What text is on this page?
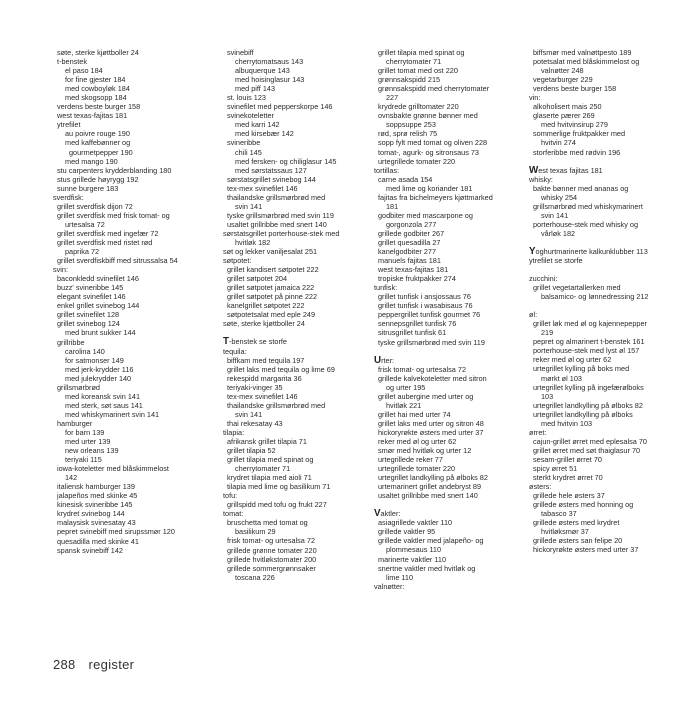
søte, sterke kjøttboller 24
t-benstek
el paso 184
for fine gjester 184
med cowboyløk 184
med skogsopp 184
verdens beste burger 158
west texas-fajitas 181
ytrefilet
au poivre rouge 190
med kaffebønner og
gourmetpepper 190
med mango 190
stu carpenters krydderblanding 180
stus grillede høyrygg 192
sunne burgere 183
sverdfisk:
grillet sverdfisk dijon 72
grillet sverdfisk med frisk tomat- og
urtesalsa 72
grillet sverdfisk med ingefær 72
grillet sverdfisk med ristet rød
paprika 72
grillet sverdfiskbiff med sitrussalsa 54
svin:
baconkledd svinefilet 146
buzz' svineribbe 145
elegant svinefilet 146
enkel grillet svinebog 144
grillet svinefilet 128
grillet svinebog 124
med brunt sukker 144
grillribbe
carolina 140
for satmonser 149
med jerk-krydder 116
med julekrydder 140
grillsmørbrød
med koreansk svin 141
med sterk, søt saus 141
med whiskymarinert svin 141
hamburger
for barn 139
med urter 139
new orleans 139
teriyaki 115
iowa-koteletter med blåskimmelost
142
italiensk hamburger 139
jalapeños med skinke 45
kinesisk svineribbe 145
krydret svinebog 144
malaysisk svinesatay 43
pepret svinebiff med sirupssmør 120
quesadilla med skinke 41
spansk svinebiff 142
svinebiff
cherrytomatsaus 143
albuquerque 143
med hoisinglasur 143
med piff 143
st. louis 123
svinefilet med pepperskorpe 146
svinekoteletter
med karri 142
med kirsebær 142
svineribbe
chili 145
med fersken- og chiliglasur 145
med sørstatssaus 127
sørstatsgrillet svinebog 144
tex-mex svinefilet 146
thailandske grillsmørbrød med
svin 141
tyske grillsmørbrød med svin 119
usaltet grillribbe med snert 140
sørstatsgrillet porterhouse-stek med
hvitløk 182
søt og lekker vaniljesalat 251
søtpotet:
grillet kandisert søtpotet 222
grillet søtpotet 204
grillet søtpotet jamaica 222
grillet søtpotet på pinne 222
kanelgrillet søtpotet 222
søtpotetsalat med eple 249
søte, sterke kjøttboller 24
T-benstek se storfe
tequila:
biffkam med tequila 197
grillet laks med tequila og lime 69
rekespidd margarita 36
teriyaki-vinger 35
tex-mex svinefilet 146
thailandske grillsmørbrød med
svin 141
thai rekesatay 43
tilapia:
afrikansk grillet tilapia 71
grillet tilapia 52
grillet tilapia med spinat og
cherrytomater 71
krydret tilapia med aioli 71
tilapia med lime og basilikum 71
tofu:
grillspidd med tofu og frukt 227
tomat:
bruschetta med tomat og
basilikum 29
frisk tomat- og urtesalsa 72
grillede grønne tomater 220
grillede hvitløkstomater 200
grillede sommergrønnsaker
toscana 226
grillet tilapia med spinat og
cherrytomater 71
grillet tomat med ost 220
grønnsakspidd 215
grønnsakspidd med cherrytomater
227
krydrede grilltomater 220
ovnsbakte grønne bønner med
soppsuppe 253
rød, sprø relish 75
sopp fylt med tomat og oliven 228
tomat-, agurk- og sitronsaus 73
urtegrillede tomater 220
tortillas:
carne asada 154
med lime og koriander 181
fajitas fra bichelmeyers kjøttmarked
181
godbiter med mascarpone og
gorgonzola 277
grillede godbiter 267
grillet quesadilla 27
kanelgodbiter 277
manuels fajitas 181
west texas-fajitas 181
tropiske fruktpakker 274
tunfisk:
grillet tunfisk i ansjossaus 76
grillet tunfisk i wasabisaus 76
peppergrillet tunfisk gourmet 76
sennepsgrillet tunfisk 76
sitrusgrillet tunfisk 61
tyske grillsmørbrød med svin 119
Urter:
frisk tomat- og urtesalsa 72
grillede kalvekoteletter med sitron
og urter 195
grillet aubergine med urter og
hvitløk 221
grillet hai med urter 74
grillet laks med urter og sitron 48
hickoryrøkte østers med urter 37
reker med øl og urter 62
smør med hvitløk og urter 12
urtegrillede reker 77
urtegrillede tomater 220
urtegrillet landkylling på ølboks 82
urtemarinert grillet andebryst 89
usaltet grillribbe med snert 140
Vaktler:
asiagrillede vaktler 110
grillede vaktler 95
grillede vaktler med jalapeño- og
plommesaus 110
marinerte vaktler 110
snertne vaktler med hvitløk og
lime 110
valnøtter:
biffsmør med valnøttpesto 189
potetsalat med blåskimmelost og
valnøtter 248
vegetarburger 229
verdens beste burger 158
vin:
alkoholisert mais 250
glaserte pærer 269
med hvitvinsirup 279
sommerlige fruktpakker med
hvitvin 274
storferibbe med rødvin 196
West texas fajitas 181
whisky:
bakte bønner med ananas og
whisky 254
grillsmørbrød med whiskymarinert
svin 141
porterhouse-stek med whisky og
vårløk 182
Yoghurtmarinerte kalkunklubber 113
ytrefilet se storfe
zucchini:
grillet vegetartallerken med
balsamico- og lønnedressing 212
øl:
grillet løk med øl og kajennepepper
219
pepret og almarinert t-benstek 161
porterhouse-stek med lyst øl 157
reker med øl og urter 62
urtegrillet kylling på boks med
mørkt øl 103
urtegrillet kylling på ingefærølboks
103
urtegrillet landkylling på ølboks 82
urtegrillet landkylling på ølboks
med hvitvin 103
ørret:
cajun-grillet ørret med eplesalsa 70
grillet ørret med søt thaiglasur 70
sesam-grillet ørret 70
spicy ørret 51
sterkt krydret ørret 70
østers:
grillede hele østers 37
grillede østers med honning og
tabasco 37
grillede østers med krydret
hvitløksmør 37
grillede østers san felipe 20
hickoryrøkte østers med urter 37
288 register
